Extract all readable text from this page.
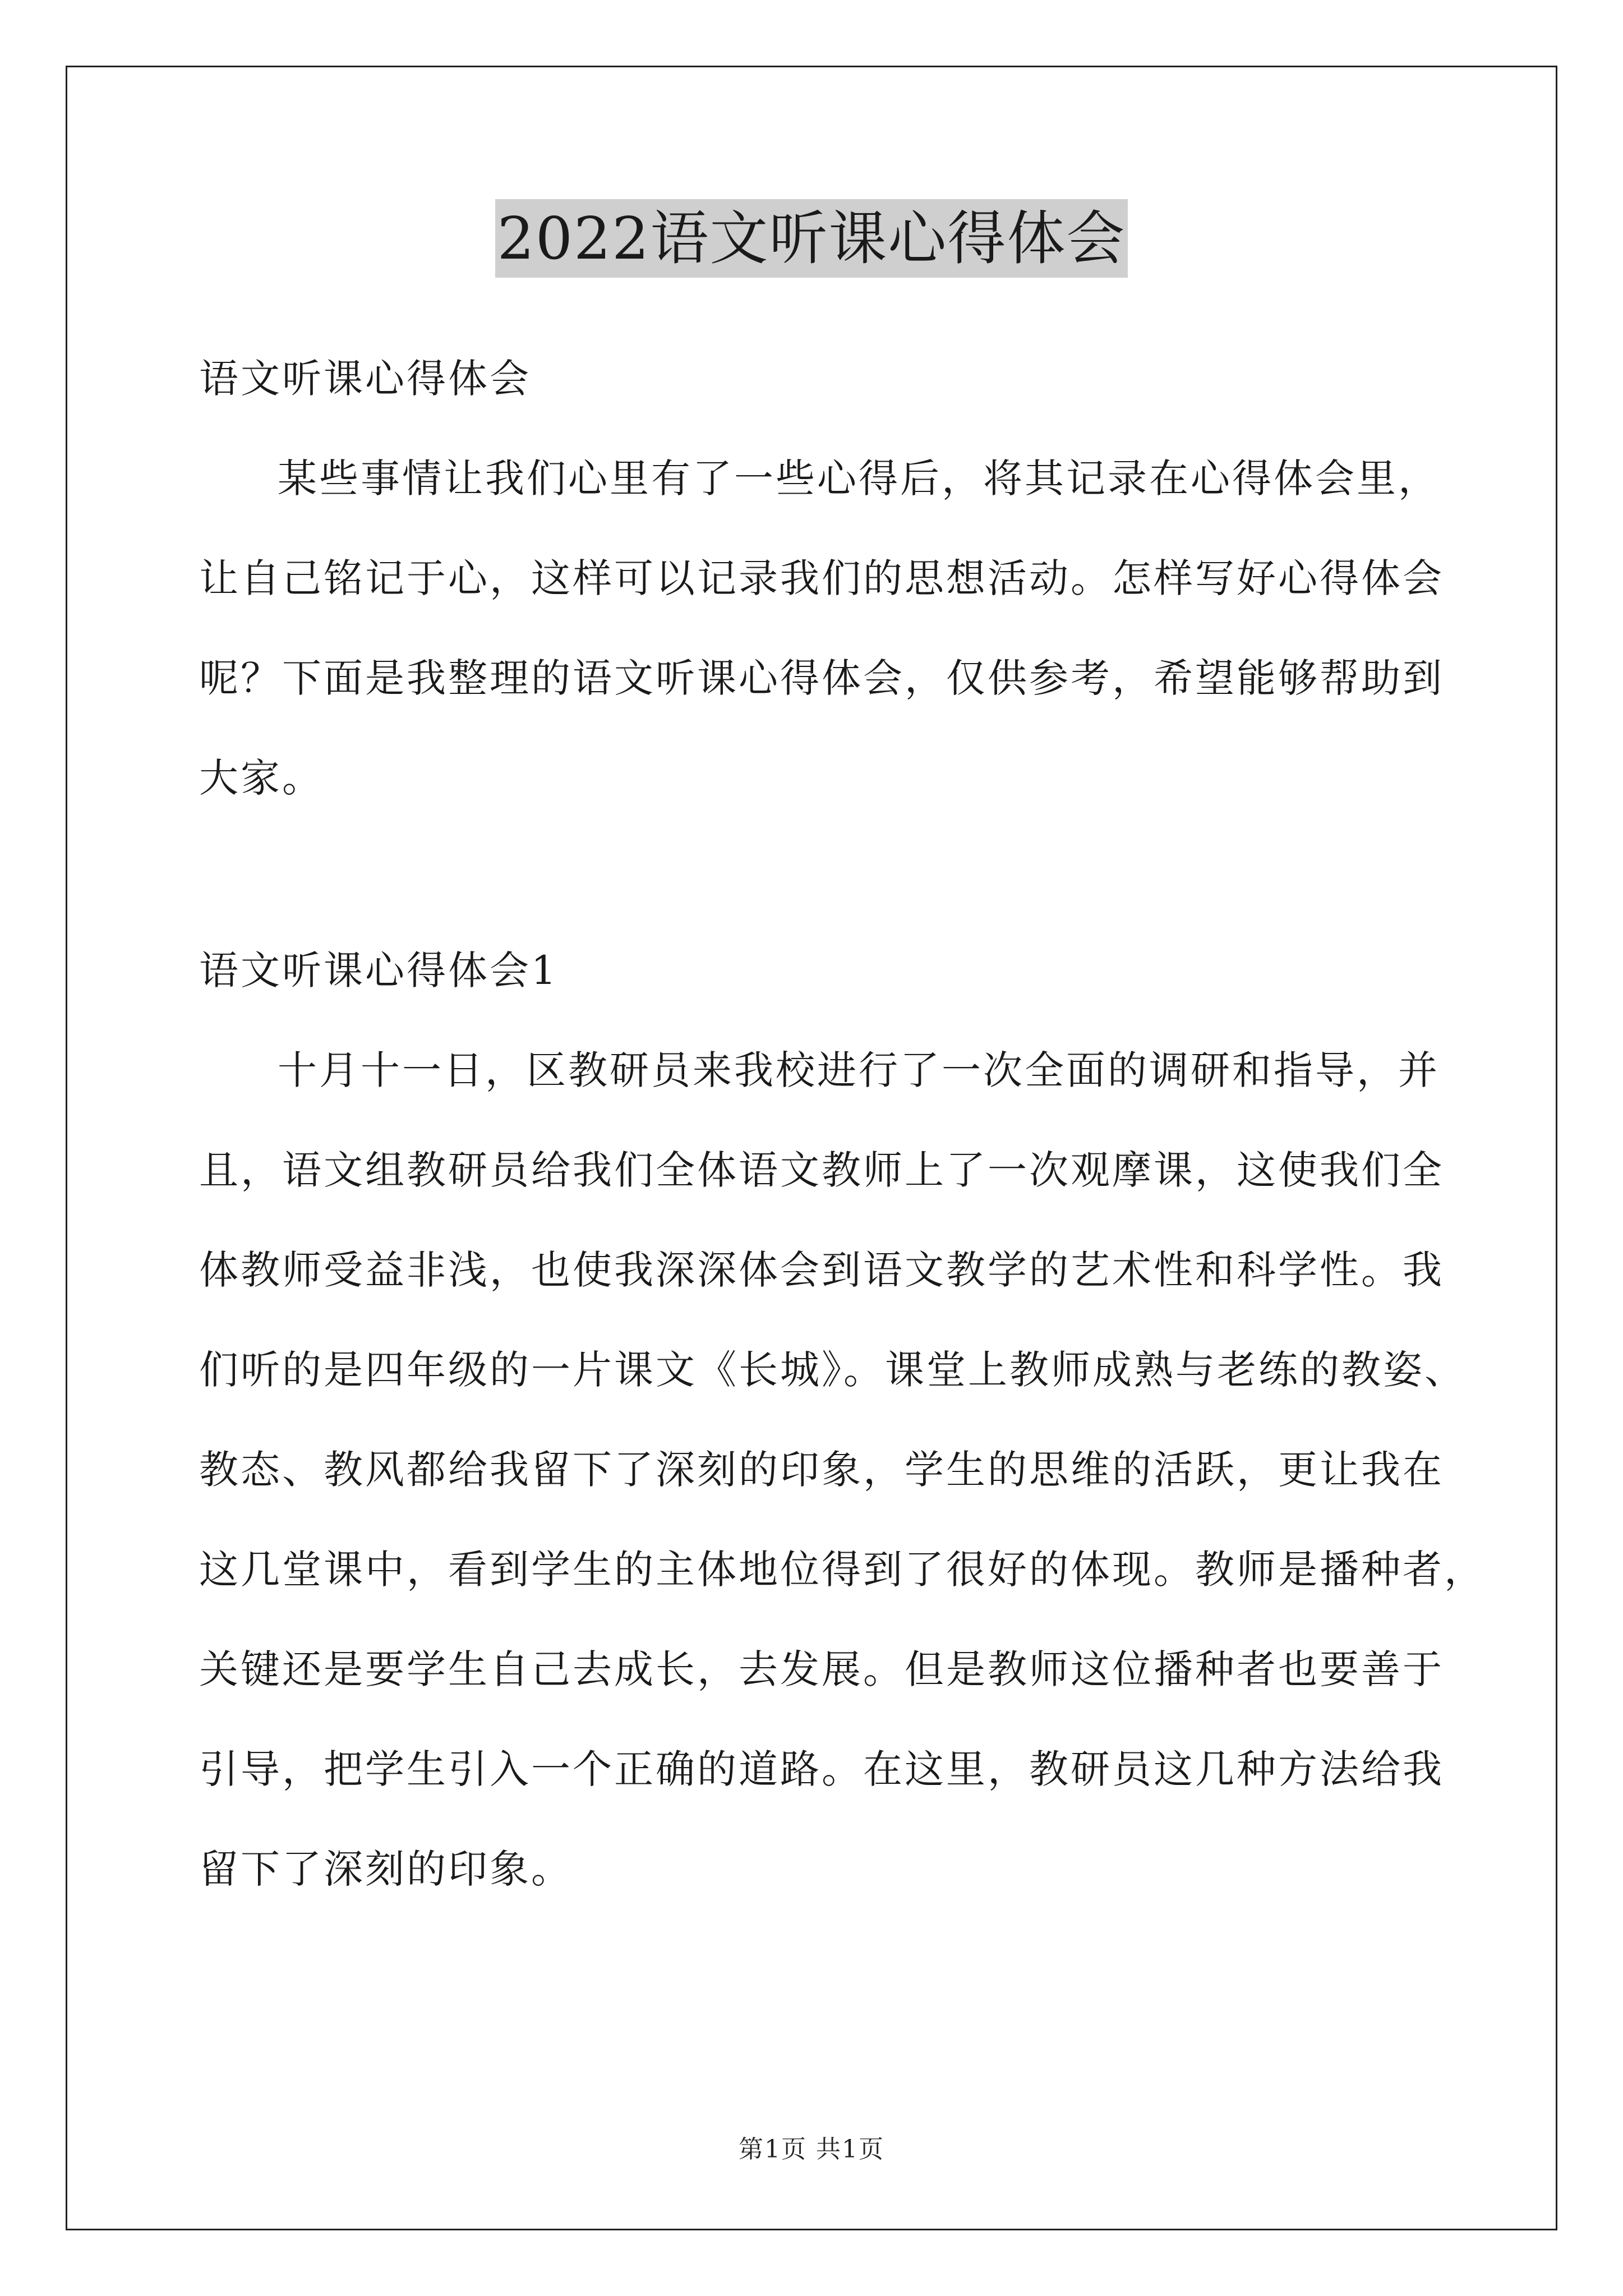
2022语文听课心得体会
语文听课心得体会
某些事情让我们心里有了一些心得后，将其记录在心得体会里，
让自己铭记于心，这样可以记录我们的思想活动。怎样写好心得体会
呢？下面是我整理的语文听课心得体会，仅供参考，希望能够帮助到
大家。
语文听课心得体会1
十月十一日，区教研员来我校进行了一次全面的调研和指导，并
且，语文组教研员给我们全体语文教师上了一次观摩课，这使我们全
体教师受益非浅，也使我深深体会到语文教学的艺术性和科学性。我
们听的是四年级的一片课文《长城》。课堂上教师成熟与老练的教姿、
教态、教风都给我留下了深刻的印象，学生的思维的活跃，更让我在
这几堂课中，看到学生的主体地位得到了很好的体现。教师是播种者，
关键还是要学生自己去成长，去发展。但是教师这位播种者也要善于
引导，把学生引入一个正确的道路。在这里，教研员这几种方法给我
留下了深刻的印象。
第1页 共1页
